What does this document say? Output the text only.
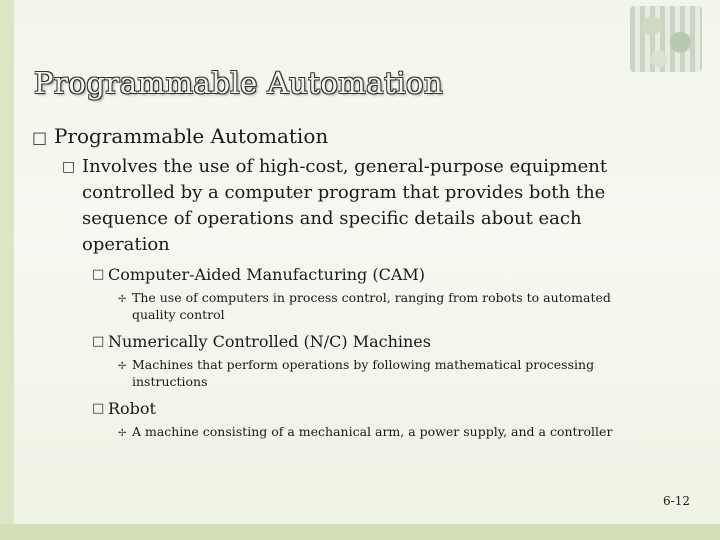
Programmable Automation
□ Programmable Automation
□ Involves the use of high-cost, general-purpose equipment controlled by a computer program that provides both the sequence of operations and specific details about each operation
□ Computer-Aided Manufacturing (CAM)
✢ The use of computers in process control, ranging from robots to automated quality control
□ Numerically Controlled (N/C) Machines
✢ Machines that perform operations by following mathematical processing instructions
□ Robot
✢ A machine consisting of a mechanical arm, a power supply, and a controller
6-12
